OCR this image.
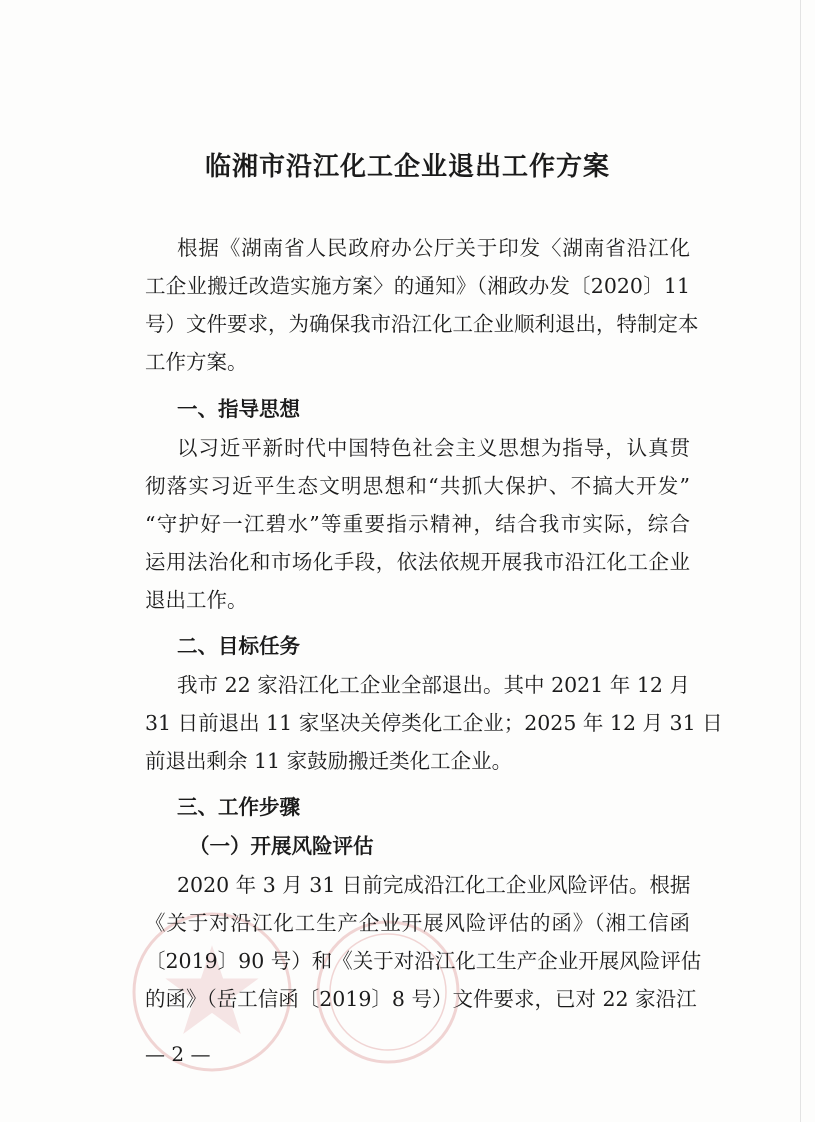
临湘市沿江化工企业退出工作方案

根据《湖南省人民政府办公厅关于印发〈湖南省沿江化

工企业搬迁改造实施方案〉的通知》（湘政办发〔2020〕11

号）文件要求，为确保我市沿江化工企业顺利退出，特制定本

工作方案。

一、指导思想

以习近平新时代中国特色社会主义思想为指导，认真贯

彻落实习近平生态文明思想和“共抓大保护、不搞大开发”

“守护好一江碧水”等重要指示精神，结合我市实际，综合

运用法治化和市场化手段，依法依规开展我市沿江化工企业

退出工作。

二、目标任务

我市 22 家沿江化工企业全部退出。其中 2021 年 12 月

31 日前退出 11 家坚决关停类化工企业；2025 年 12 月 31 日

前退出剩余 11 家鼓励搬迁类化工企业。

三、工作步骤

（一）开展风险评估

2020 年 3 月 31 日前完成沿江化工企业风险评估。根据

《关于对沿江化工生产企业开展风险评估的函》（湘工信函

〔2019〕90 号）和《关于对沿江化工生产企业开展风险评估

的函》（岳工信函〔2019〕8 号）文件要求，已对 22 家沿江

— 2 —
